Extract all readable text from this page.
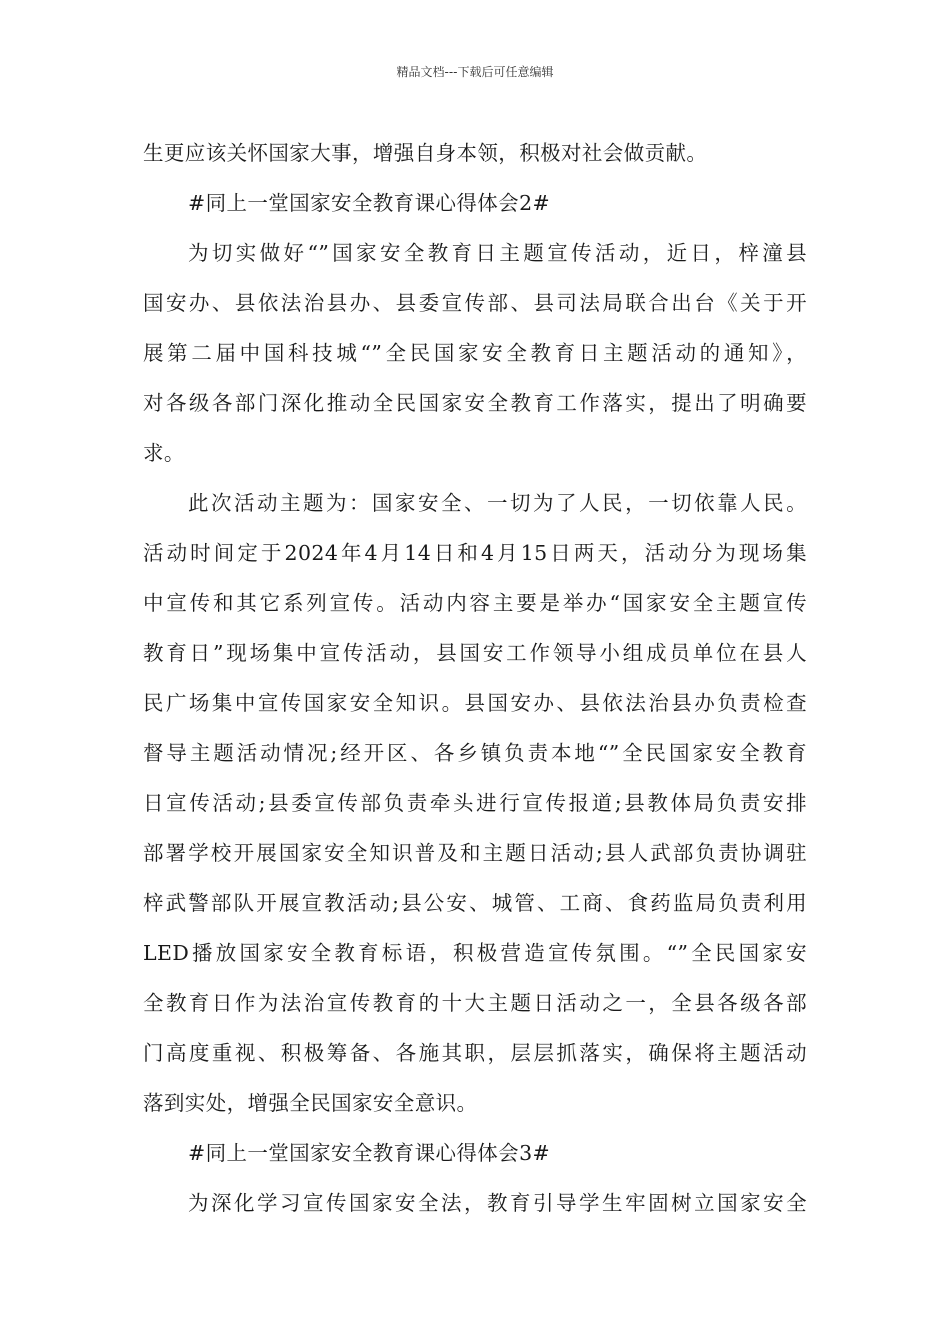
精品文档---下载后可任意编辑
生更应该关怀国家大事，增强自身本领，积极对社会做贡献。
#同上一堂国家安全教育课心得体会2#
为切实做好“”国家安全教育日主题宣传活动，近日，梓潼县
国安办、县依法治县办、县委宣传部、县司法局联合出台《关于开
展第二届中国科技城“”全民国家安全教育日主题活动的通知》，
对各级各部门深化推动全民国家安全教育工作落实，提出了明确要
求。
此次活动主题为：国家安全、一切为了人民，一切依靠人民。
活动时间定于2024年4月14日和4月15日两天，活动分为现场集
中宣传和其它系列宣传。活动内容主要是举办“国家安全主题宣传
教育日”现场集中宣传活动，县国安工作领导小组成员单位在县人
民广场集中宣传国家安全知识。县国安办、县依法治县办负责检查
督导主题活动情况;经开区、各乡镇负责本地“”全民国家安全教育
日宣传活动;县委宣传部负责牵头进行宣传报道;县教体局负责安排
部署学校开展国家安全知识普及和主题日活动;县人武部负责协调驻
梓武警部队开展宣教活动;县公安、城管、工商、食药监局负责利用
LED播放国家安全教育标语，积极营造宣传氛围。“”全民国家安
全教育日作为法治宣传教育的十大主题日活动之一，全县各级各部
门高度重视、积极筹备、各施其职，层层抓落实，确保将主题活动
落到实处，增强全民国家安全意识。
#同上一堂国家安全教育课心得体会3#
为深化学习宣传国家安全法，教育引导学生牢固树立国家安全
